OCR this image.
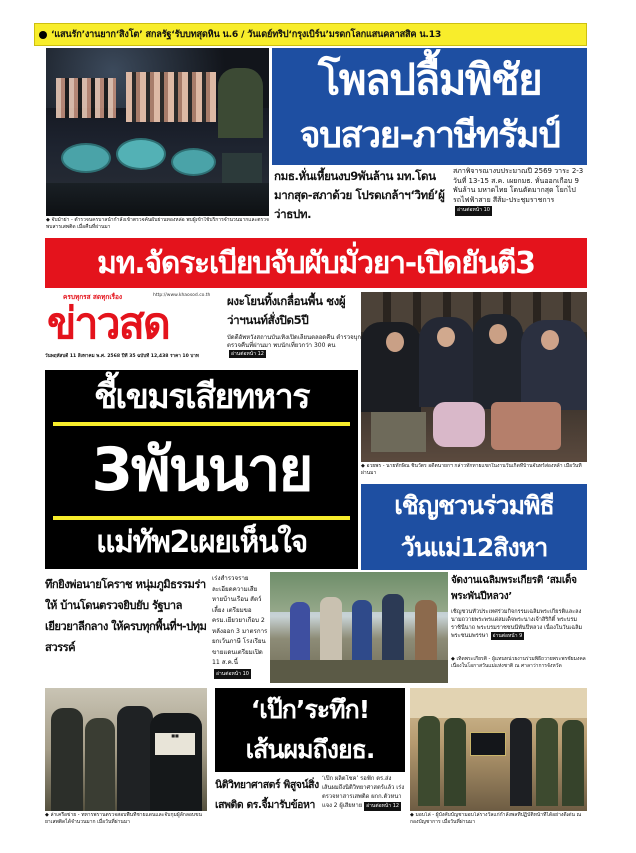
‘แสนรัก’งานยาก‘สิงโต’ สกลรัฐ‘รับบทสุดหิน น.6 / วันเดย์ทริป‘กรุงเบิร์น’มรดกโลกแสนคลาสสิค น.13
◆ จับม้าย่า - ตำรวจนครบาลนำกำลังเข้าตรวจค้นผับย่านทองหล่อ พบผู้เข้าใช้บริการจำนวนมากและตรวจพบสารเสพติด เมื่อคืนที่ผ่านมา
โพลปลื้มพิชัย
จบสวย-ภาษีทรัมป์
กมธ.หั่นเหี้ยนงบ9พันล้าน มท.โดนมากสุด-สภาด้วย โปรดเกล้าฯ‘วิทย์’ผู้ว่าธปท.
สภาพิจารณางบประมาณปี 2569 วาระ 2-3 วันที่ 13-15 ส.ค. เผยกมธ. หั่นออกเกือบ 9 พันล้าน มหาดไทย โดนตัดมากสุด โยกไปรถไฟฟ้าสาย สีส้ม-ประชุมราชการอ่านต่อหน้า 10
มท.จัดระเบียบจับผับมั่วยา-เปิดยันตี3
ครบทุกรส สดทุกเรื่อง	http://www.khaosod.co.th
ข่าวสด
วันพฤหัสบดี 11 สิงหาคม พ.ศ. 2568 ปีที่ 35 ฉบับที่ 12,438 ราคา 10 บาท
ผงะโยนทิ้งเกลื่อนพื้น ชงผู้ว่าฯนนท์สั่งปิด5ปี
บัดดีอัพหวังสถานบันเทิงเปิดเลียนตลอดคืน ตำรวจบุกตรวจคืนที่ผ่านมา พบนักเที่ยวกว่า 300 คนอ่านต่อหน้า 12
◆ อวยพร - นายทักษิณ ชินวัตร อดีตนายกฯ กล่าวทักทายแขกในงานวันเกิดที่บ้านจันทร์ส่องหล้า เมื่อวันที่ผ่านมา
ชี้เขมรเสียทหาร
3พันนาย
แม่ทัพ2เผยเห็นใจ
เชิญชวนร่วมพิธี
วันแม่12สิงหา
ทึกยิงพ่อนายโคราช หนุ่มภูมิธรรมร่าให้ บ้านโดนตรวจยิบยับ รัฐบาลเยียวยาลีกลาง ให้ครบทุกพื้นที่ฯ-ปทุมสวรรค์
เร่งสำรวจรายละเอียดความเสียหายบ้านเรือน สัตว์เลี้ยง เตรียมขอ ครม.เยียวยาเกือบ 2 หลังออก 3 มาตรการยกเว้นภาษี โรงเรียน ขายแดนเตรียมเปิด 11 ส.ค.นี้อ่านต่อหน้า 10
จัดงานเฉลิมพระเกียรติ ‘สมเด็จพระพันปีหลวง’
เชิญชวนทั่วประเทศร่วมกิจกรรมเฉลิมพระเกียรติและลงนามถวายพระพรแด่สมเด็จพระนางเจ้าสิริกิติ์ พระบรมราชินีนาถ พระบรมราชชนนีพันปีหลวง เนื่องในวันเฉลิมพระชนมพรรษา อ่านต่อหน้า 9
◆ เทิดพระเกียรติ - ผู้แทนหน่วยงานร่วมพิธีถวายพระพรชัยมงคล เนื่องในโอกาสวันแม่แห่งชาติ ณ ศาลาว่าการจังหวัด
■■
◆ ล่าเครือข่าย - ทหารพรานตรวจสอบพื้นที่ชายแดนและจับกุมผู้ลักลอบขนยาเสพติดได้จำนวนมาก เมื่อวันที่ผ่านมา
‘เป๊ก’ระทึก!
เส้นผมถึงยธ.
นิติวิทยาศาสตร์ พิสูจน์สิ่งเสพติด ดร.จี้มารับข้อหา
‘เป๊ก ผลิตโชค’ รอฟัก ตร.ส่งเส้นผมถึงนิติวิทยาศาสตร์แล้ว เร่งตรวจหาสารเสพติด ผกก.ตัวหนาแจง 2 ผู้เสียหาย อ่านต่อหน้า 12
◆ มอบโล่ - ผู้บังคับบัญชามอบโล่รางวัลแก่กำลังพลที่ปฏิบัติหน้าที่ได้อย่างดีเด่น ณ กองบัญชาการ เมื่อวันที่ผ่านมา
